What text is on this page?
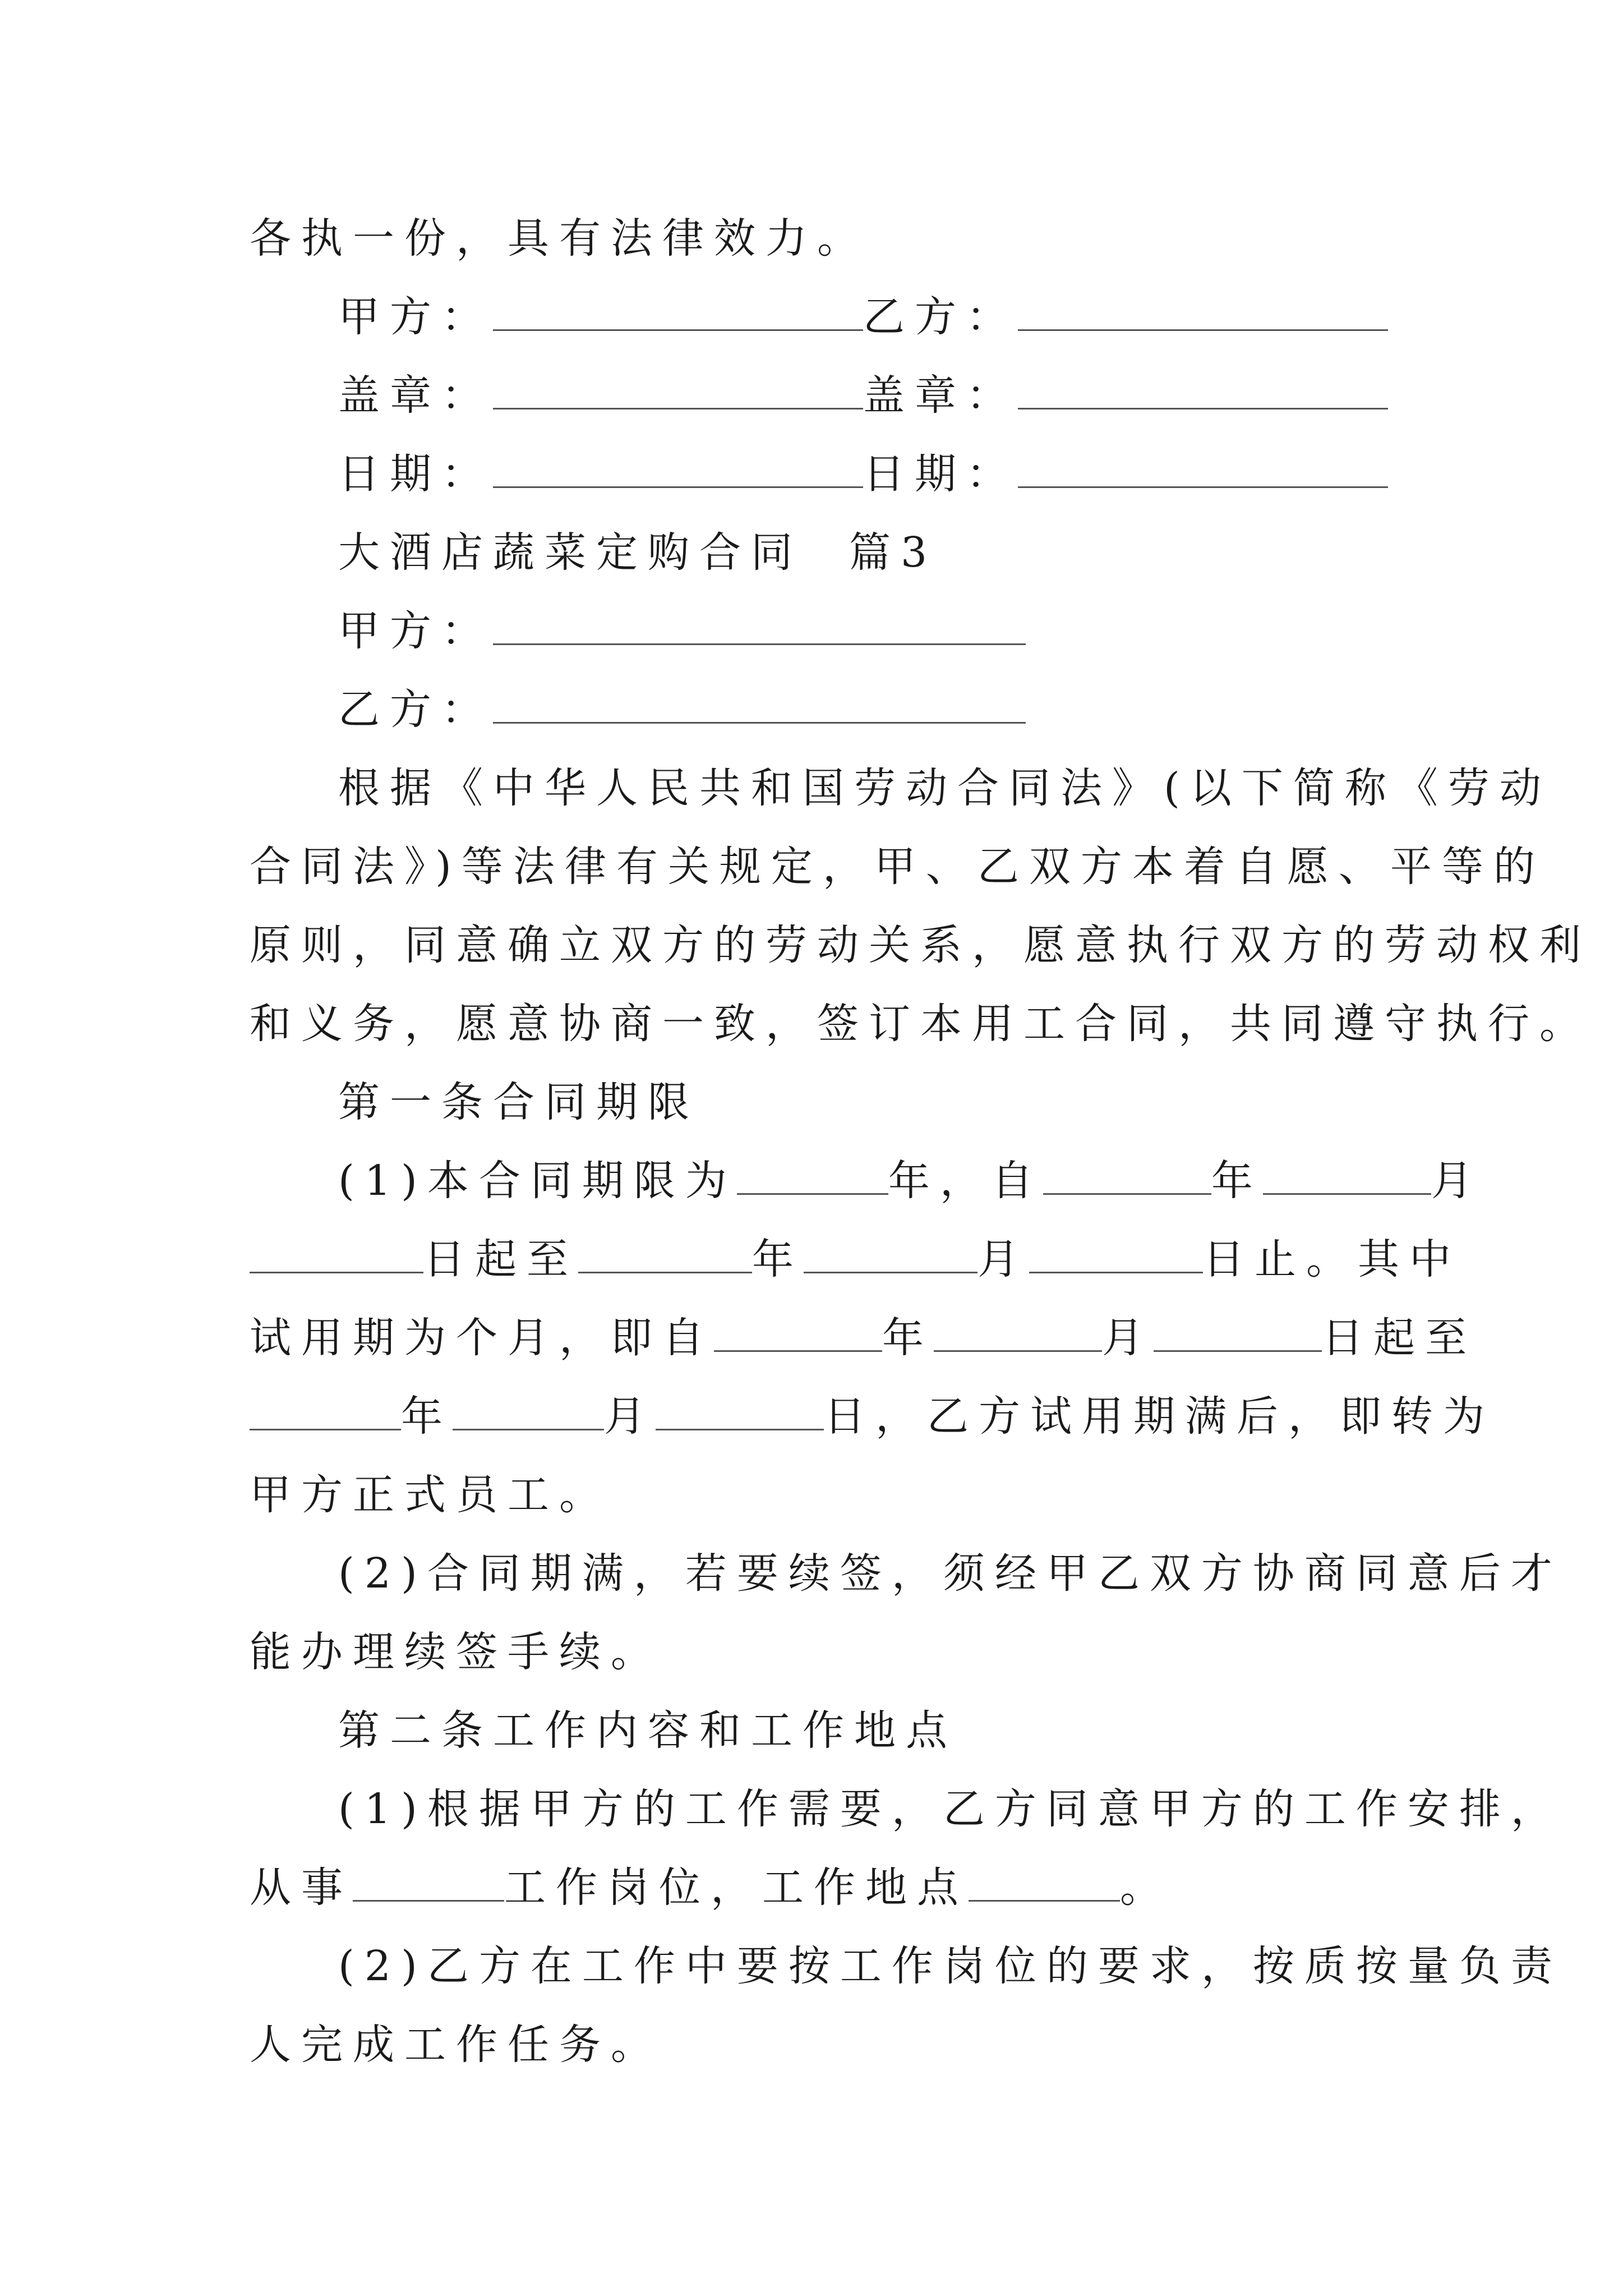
各执一份，具有法律效力。
甲方：	乙方：
盖章：	盖章：
日期：	日期：
大酒店蔬菜定购合同  篇3
甲方：
乙方：
根据《中华人民共和国劳动合同法》(以下简称《劳动
合同法》)等法律有关规定，甲、乙双方本着自愿、平等的
原则，同意确立双方的劳动关系，愿意执行双方的劳动权利
和义务，愿意协商一致，签订本用工合同，共同遵守执行。
第一条合同期限
(1)本合同期限为	年，自	年	月
日起至	年	月	日止。其中
试用期为个月，即自	年	月	日起至
年	月	日，乙方试用期满后，即转为
甲方正式员工。
(2)合同期满，若要续签，须经甲乙双方协商同意后才
能办理续签手续。
第二条工作内容和工作地点
(1)根据甲方的工作需要，乙方同意甲方的工作安排，
从事	工作岗位，工作地点	。
(2)乙方在工作中要按工作岗位的要求，按质按量负责
人完成工作任务。
